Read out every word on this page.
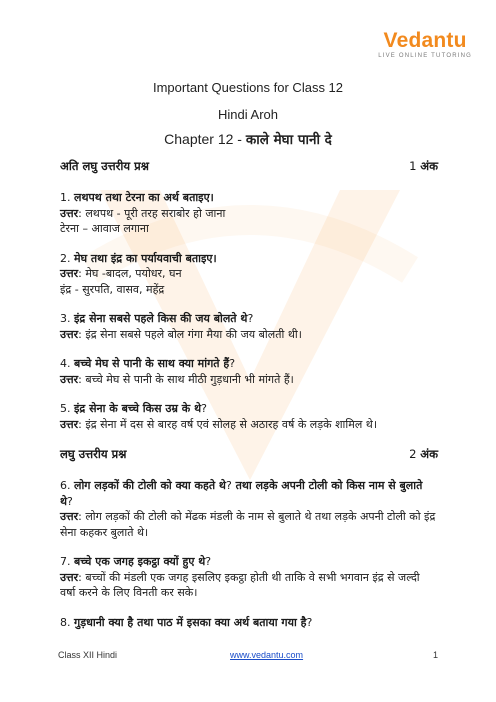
Vedantu
LIVE ONLINE TUTORING
Important Questions for Class 12
Hindi Aroh
Chapter 12 - काले मेघा पानी दे
अति लघु उत्तरीय प्रश्न	1 अंक
1. लथपथ तथा टेरना का अर्थ बताइए।
उत्तर: लथपथ - पूरी तरह सराबोर हो जाना
टेरना – आवाज लगाना
2. मेघ तथा इंद्र का पर्यायवाची बताइए।
उत्तर: मेघ -बादल, पयोधर, घन
इंद्र - सुरपति, वासव, महेंद्र
3. इंद्र सेना सबसे पहले किस की जय बोलते थे?
उत्तर: इंद्र सेना सबसे पहले बोल गंगा मैया की जय बोलती थी।
4. बच्चे मेघ से पानी के साथ क्या मांगते हैं?
उत्तर: बच्चे मेघ से पानी के साथ मीठी गुड़धानी भी मांगते हैं।
5. इंद्र सेना के बच्चे किस उम्र के थे?
उत्तर: इंद्र सेना में दस से बारह वर्ष एवं सोलह से अठारह वर्ष के लड़के शामिल थे।
लघु उत्तरीय प्रश्न	2 अंक
6. लोग लड़कों की टोली को क्या कहते थे? तथा लड़के अपनी टोली को किस नाम से बुलाते थे?
उत्तर: लोग लड़कों की टोली को मेंढक मंडली के नाम से बुलाते थे तथा लड़के अपनी टोली को इंद्र सेना कहकर बुलाते थे।
7. बच्चे एक जगह इकट्ठा क्यों हुए थे?
उत्तर: बच्चों की मंडली एक जगह इसलिए इकट्ठा होती थी ताकि वे सभी भगवान इंद्र से जल्दी वर्षा करने के लिए विनती कर सके।
8. गुड़धानी क्या है तथा पाठ में इसका क्या अर्थ बताया गया है?
Class XII Hindi	www.vedantu.com	1
